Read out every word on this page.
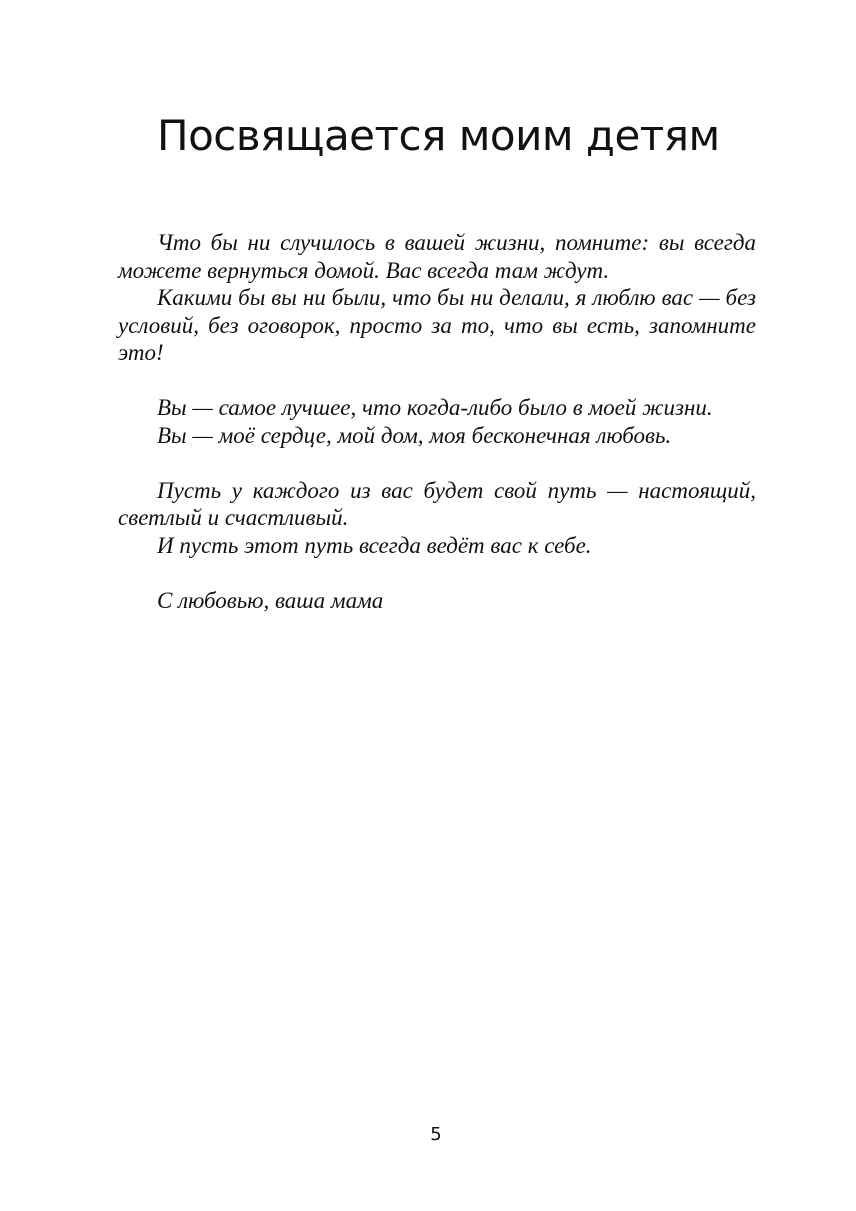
Посвящается моим детям

Что бы ни случилось в вашей жизни, помните: вы всегда можете вернуться домой. Вас всегда там ждут.

Какими бы вы ни были, что бы ни делали, я люблю вас — без условий, без оговорок, просто за то, что вы есть, запомните это!

Вы — самое лучшее, что когда-либо было в моей жизни.

Вы — моё сердце, мой дом, моя бесконечная любовь.

Пусть у каждого из вас будет свой путь — настоящий, светлый и счастливый.

И пусть этот путь всегда ведёт вас к себе.

С любовью, ваша мама

5
